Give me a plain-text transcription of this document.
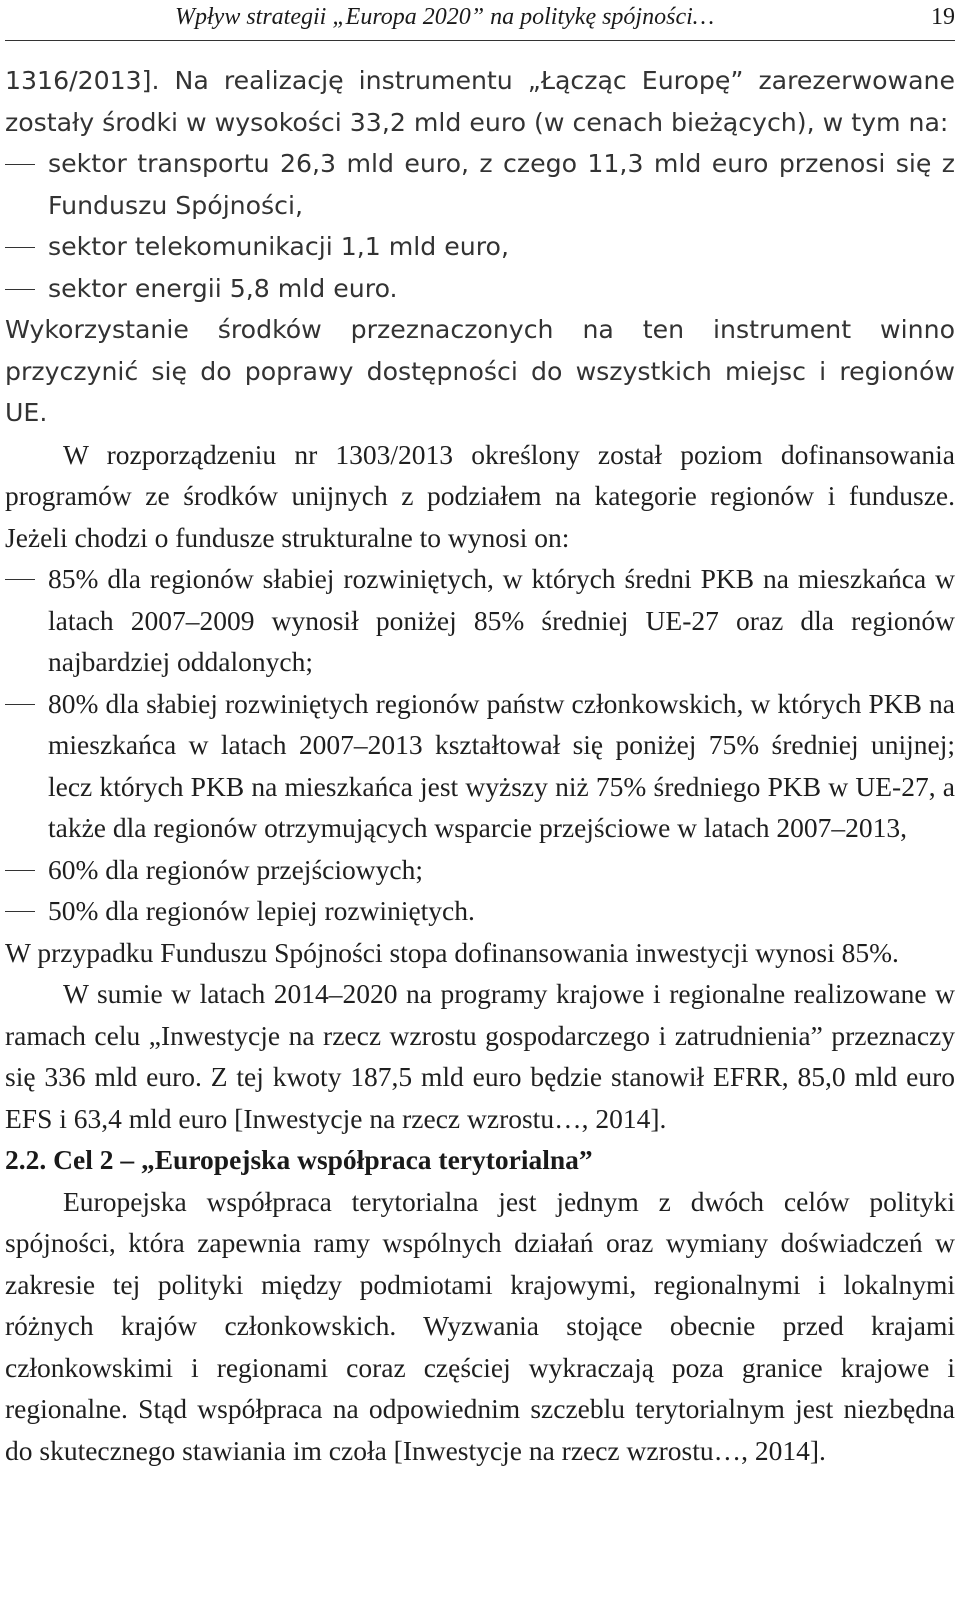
Wpływ strategii „Europa 2020” na politykę spójności…	19

1316/2013]. Na realizację instrumentu „Łącząc Europę” zarezerwowane zostały środki w wysokości 33,2 mld euro (w cenach bieżących), w tym na:

sektor transportu 26,3 mld euro, z czego 11,3 mld euro przenosi się z Funduszu Spójności,
sektor telekomunikacji 1,1 mld euro,
sektor energii 5,8 mld euro.

Wykorzystanie środków przeznaczonych na ten instrument winno przyczynić się do poprawy dostępności do wszystkich miejsc i regionów UE.

W rozporządzeniu nr 1303/2013 określony został poziom dofinansowania programów ze środków unijnych z podziałem na kategorie regionów i fundusze. Jeżeli chodzi o fundusze strukturalne to wynosi on:

85% dla regionów słabiej rozwiniętych, w których średni PKB na mieszkańca w latach 2007–2009 wynosił poniżej 85% średniej UE-27 oraz dla regionów najbardziej oddalonych;
80% dla słabiej rozwiniętych regionów państw członkowskich, w których PKB na mieszkańca w latach 2007–2013 kształtował się poniżej 75% średniej unijnej; lecz których PKB na mieszkańca jest wyższy niż 75% średniego PKB w UE-27, a także dla regionów otrzymujących wsparcie przejściowe w latach 2007–2013,
60% dla regionów przejściowych;
50% dla regionów lepiej rozwiniętych.

W przypadku Funduszu Spójności stopa dofinansowania inwestycji wynosi 85%.

W sumie w latach 2014–2020 na programy krajowe i regionalne realizowane w ramach celu „Inwestycje na rzecz wzrostu gospodarczego i zatrudnienia” przeznaczy się 336 mld euro. Z tej kwoty 187,5 mld euro będzie stanowił EFRR, 85,0 mld euro EFS i 63,4 mld euro [Inwestycje na rzecz wzrostu…, 2014].

2.2. Cel 2 – „Europejska współpraca terytorialna”

Europejska współpraca terytorialna jest jednym z dwóch celów polityki spójności, która zapewnia ramy wspólnych działań oraz wymiany doświadczeń w zakresie tej polityki między podmiotami krajowymi, regionalnymi i lokalnymi różnych krajów członkowskich. Wyzwania stojące obecnie przed krajami członkowskimi i regionami coraz częściej wykraczają poza granice krajowe i regionalne. Stąd współpraca na odpowiednim szczeblu terytorialnym jest niezbędna do skutecznego stawiania im czoła [Inwestycje na rzecz wzrostu…, 2014].
